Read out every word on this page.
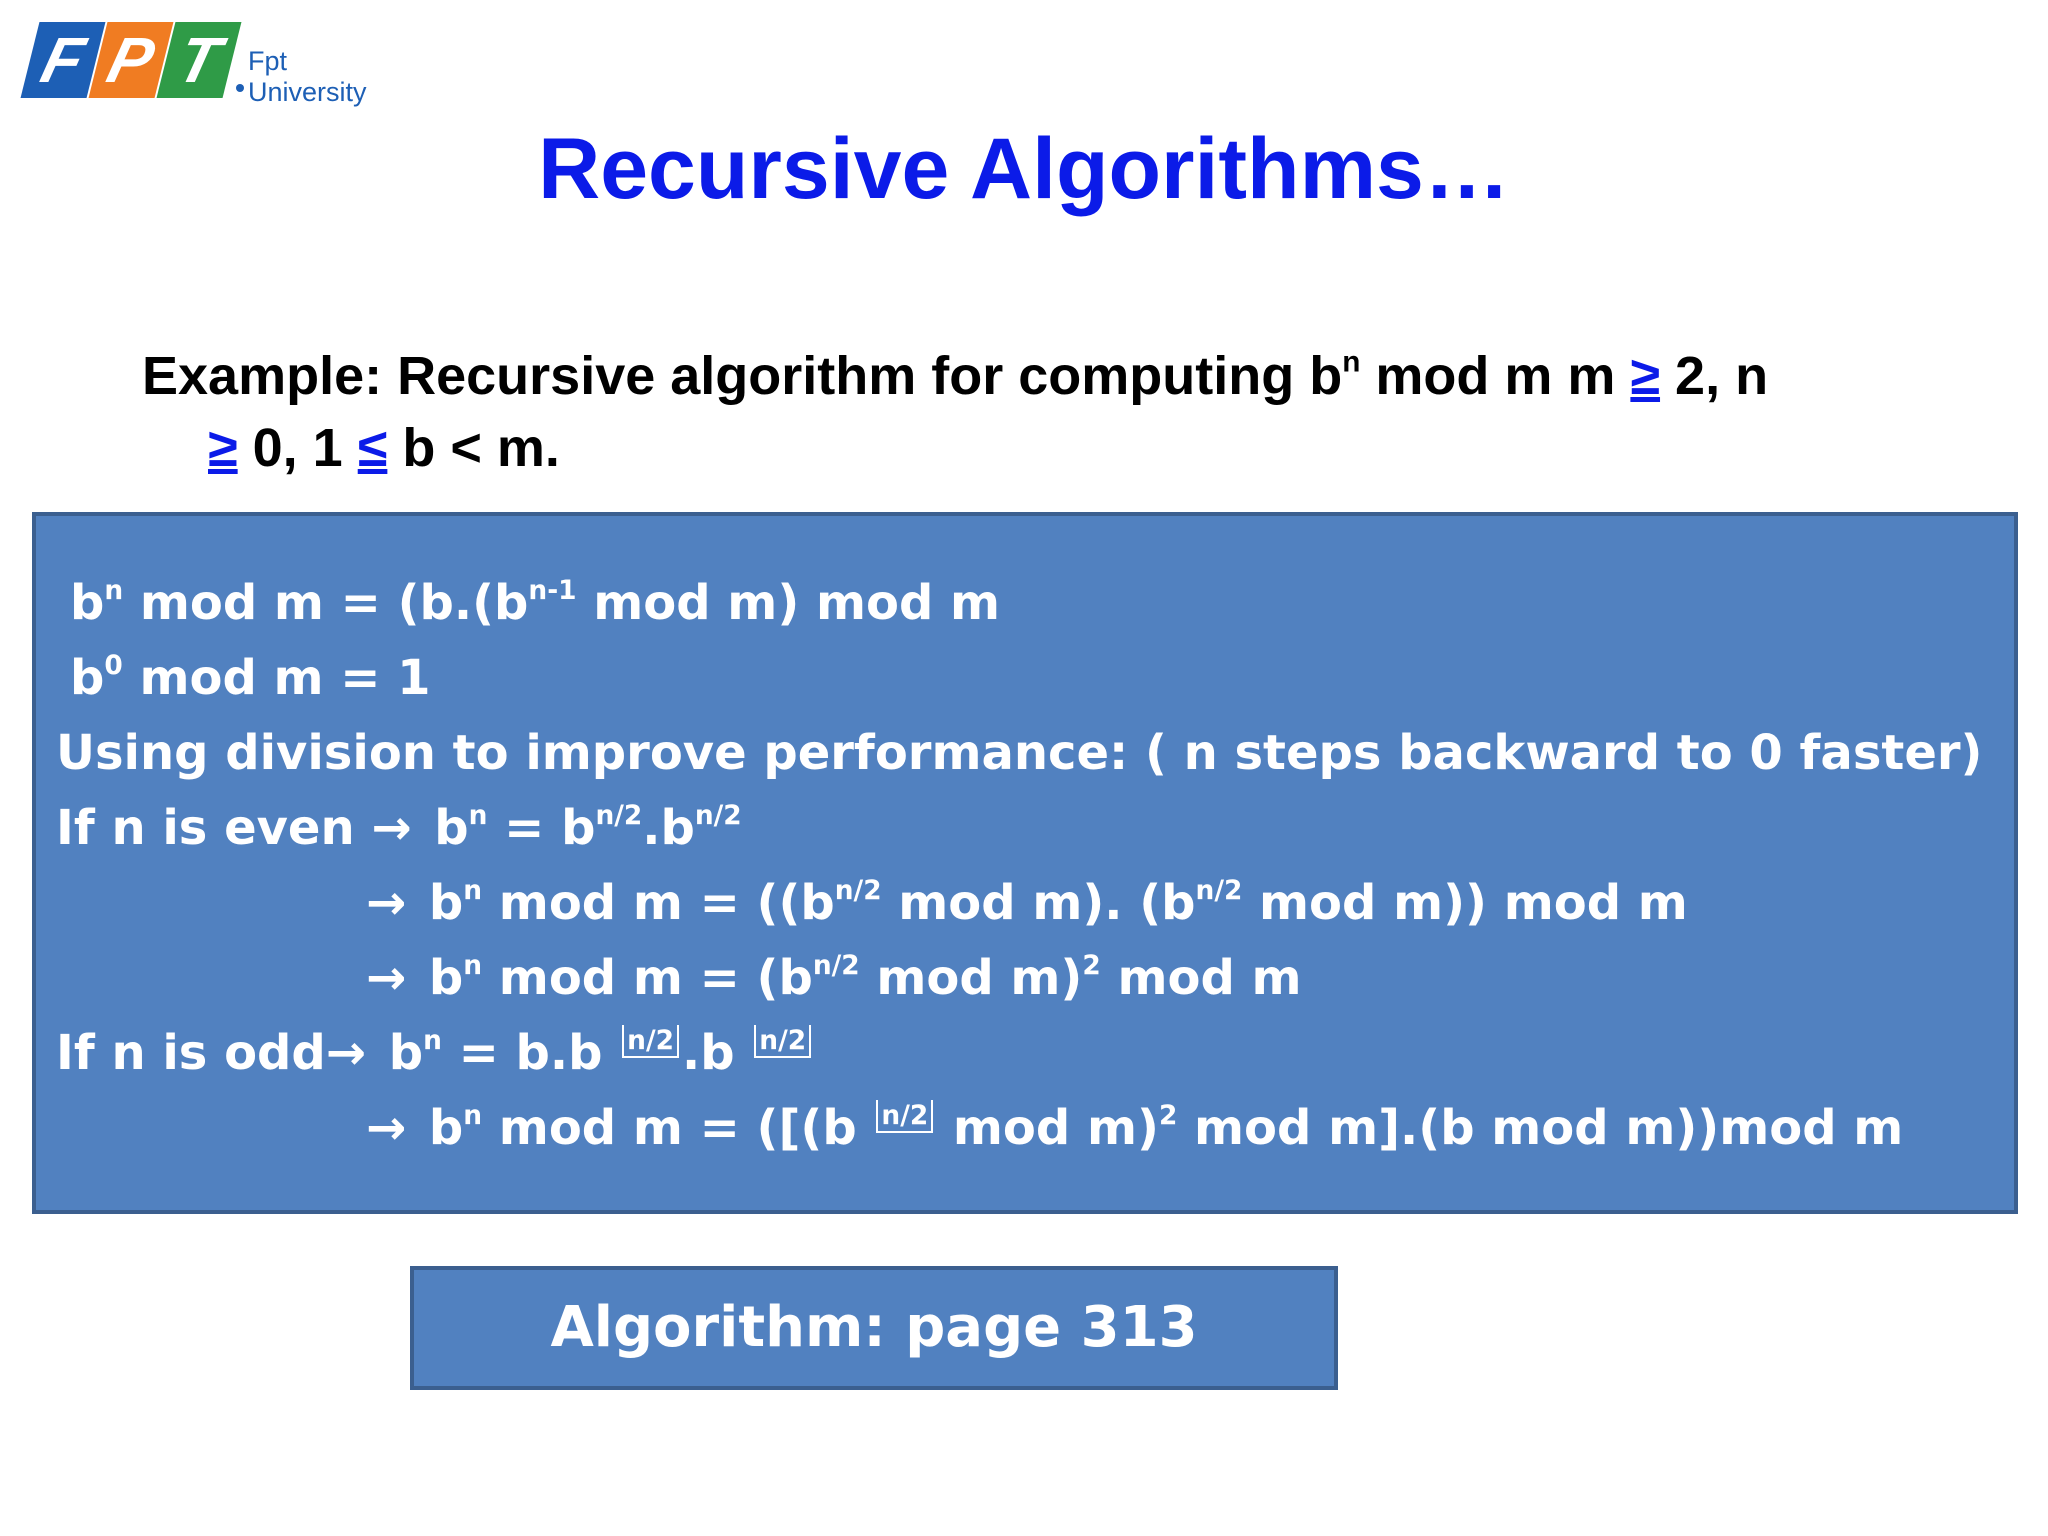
F P T Fpt University
Recursive Algorithms…
Example: Recursive algorithm for computing $b^n$ mod m m ≥ 2, n
≥ 0, 1 ≤ b < m.
$b^n$ mod $m = (b.(b^{n-1}$ mod m) mod m
$b^0$ mod m = 1
Using division to improve performance: ( n steps backward to 0 faster)
If n is even → $b^n = b^{n/2}.b^{n/2}$
→ $b^n$ mod $m = ((b^{n/2}$ mod m). ($b^{n/2}$ mod m)) mod m
→ $b^n$ mod $m = (b^{n/2}$ mod m)$^2$ mod m
If n is $odd\to b^n = b.b$ $^{n/2}$ .b $^{n/2}$
→ $b^n$ mod m = ([(b $^{n/2}$ mod m)$^2$ mod m].(b mod m))mod m
Algorithm: page 313
